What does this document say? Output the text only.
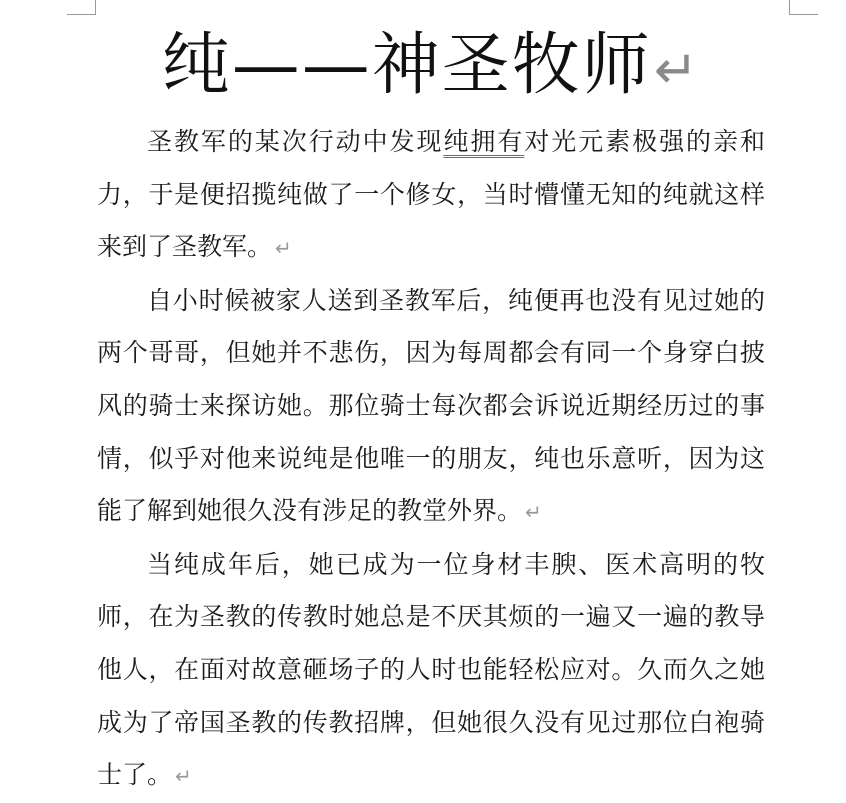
纯——神圣牧师↵

圣教军的某次行动中发现纯拥有对光元素极强的亲和力，于是便招揽纯做了一个修女，当时懵懂无知的纯就这样来到了圣教军。 ↵

自小时候被家人送到圣教军后，纯便再也没有见过她的两个哥哥，但她并不悲伤，因为每周都会有同一个身穿白披风的骑士来探访她。那位骑士每次都会诉说近期经历过的事情，似乎对他来说纯是他唯一的朋友，纯也乐意听，因为这能了解到她很久没有涉足的教堂外界。 ↵

当纯成年后，她已成为一位身材丰腴、医术高明的牧师，在为圣教的传教时她总是不厌其烦的一遍又一遍的教导他人，在面对故意砸场子的人时也能轻松应对。久而久之她成为了帝国圣教的传教招牌，但她很久没有见过那位白袍骑士了。 ↵
